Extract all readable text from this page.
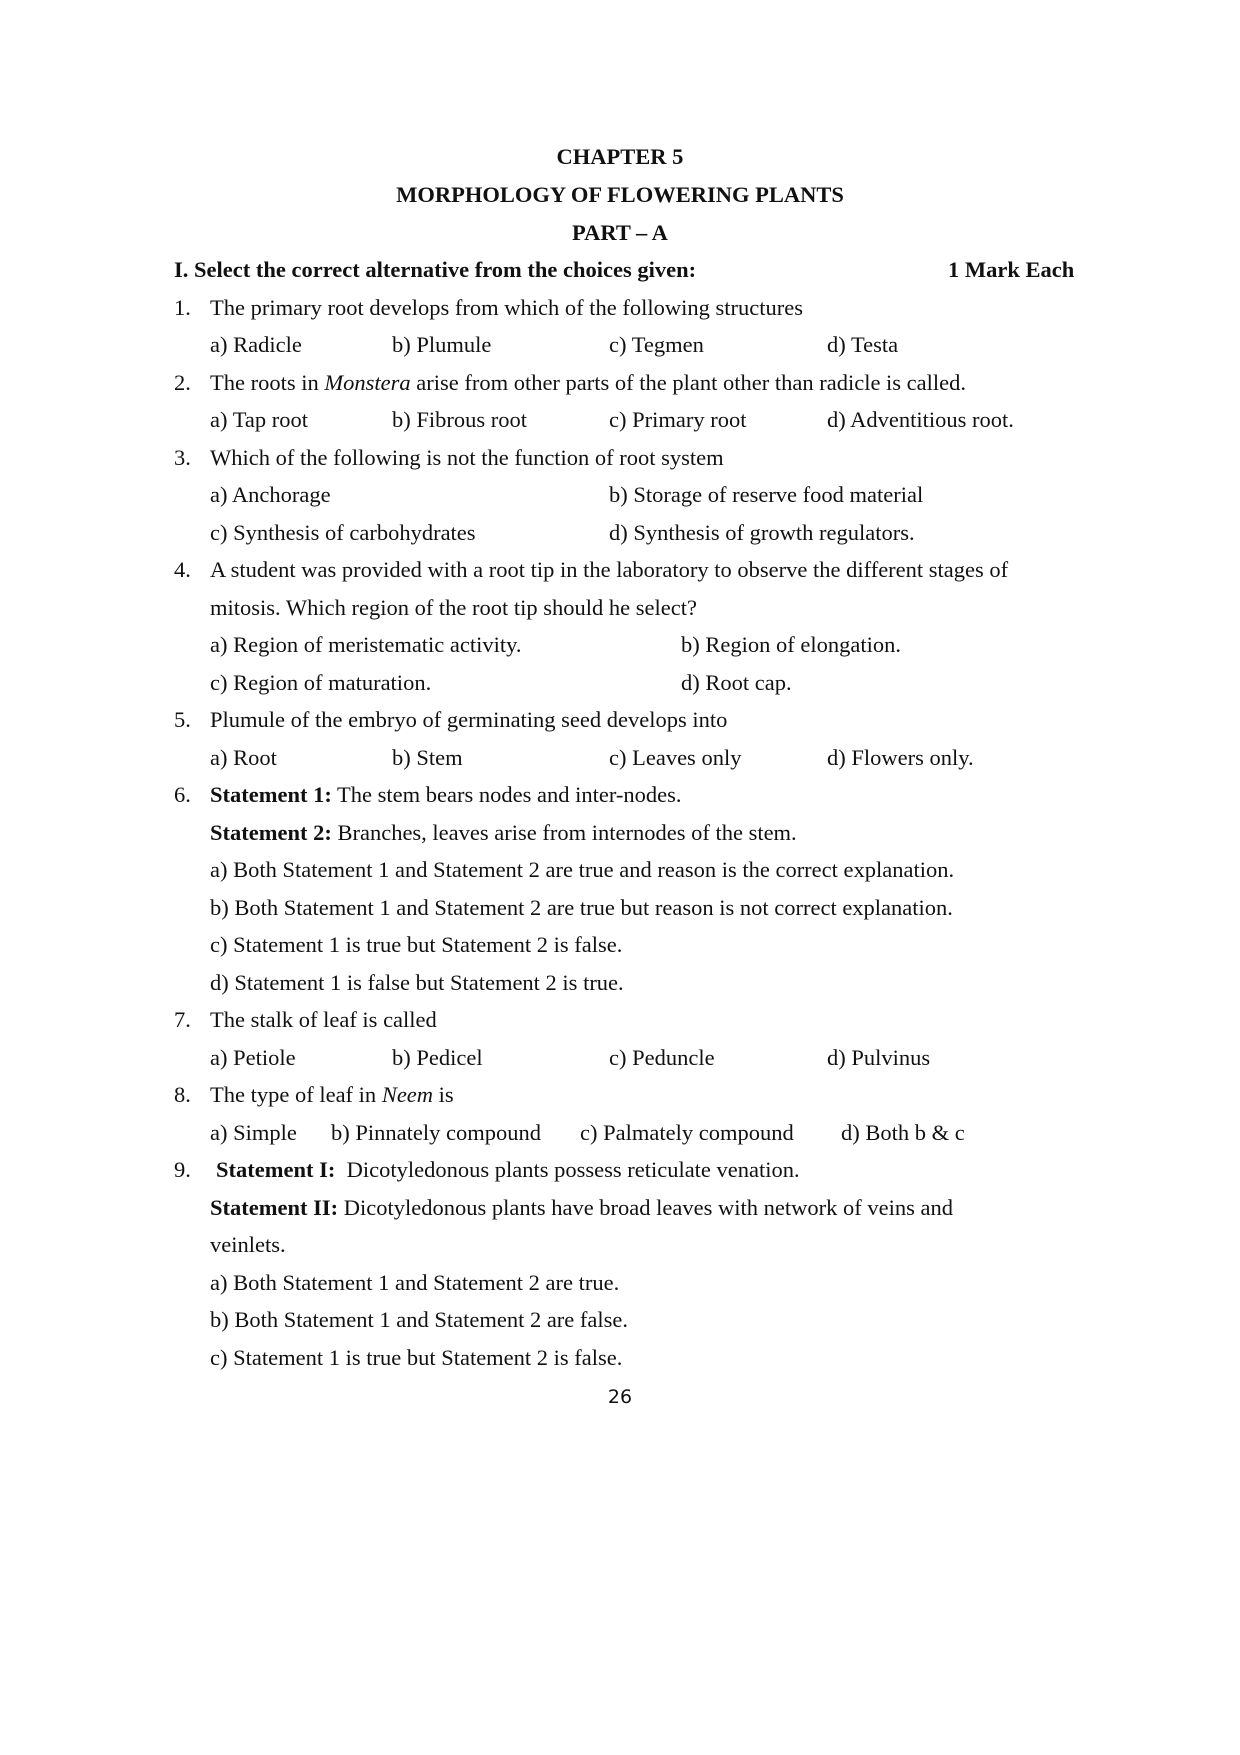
CHAPTER 5
MORPHOLOGY OF FLOWERING PLANTS
PART – A
I. Select the correct alternative from the choices given:	1 Mark Each
1. The primary root develops from which of the following structures
a) Radicle	b) Plumule	c) Tegmen	d) Testa
2. The roots in Monstera arise from other parts of the plant other than radicle is called.
a) Tap root	b) Fibrous root	c) Primary root	d) Adventitious root.
3. Which of the following is not the function of root system
a) Anchorage	b) Storage of reserve food material
c) Synthesis of carbohydrates	d) Synthesis of growth regulators.
4. A student was provided with a root tip in the laboratory to observe the different stages of
mitosis. Which region of the root tip should he select?
a) Region of meristematic activity.	b) Region of elongation.
c) Region of maturation.	d) Root cap.
5. Plumule of the embryo of germinating seed develops into
a) Root	b) Stem	c) Leaves only	d) Flowers only.
6. Statement 1: The stem bears nodes and inter-nodes.
Statement 2: Branches, leaves arise from internodes of the stem.
a) Both Statement 1 and Statement 2 are true and reason is the correct explanation.
b) Both Statement 1 and Statement 2 are true but reason is not correct explanation.
c) Statement 1 is true but Statement 2 is false.
d) Statement 1 is false but Statement 2 is true.
7. The stalk of leaf is called
a) Petiole	b) Pedicel	c) Peduncle	d) Pulvinus
8. The type of leaf in Neem is
a) Simple b) Pinnately compound c) Palmately compound d) Both b & c
9. Statement I:  Dicotyledonous plants possess reticulate venation.
Statement II: Dicotyledonous plants have broad leaves with network of veins and
veinlets.
a) Both Statement 1 and Statement 2 are true.
b) Both Statement 1 and Statement 2 are false.
c) Statement 1 is true but Statement 2 is false.
26
